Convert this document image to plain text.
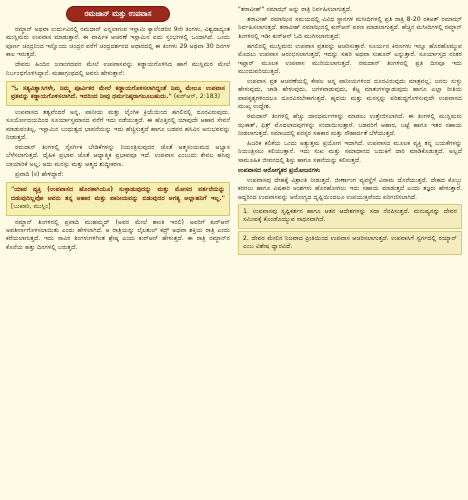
ರಮಜಾನ್ ಮತ್ತು ಉಪವಾಸ

ರಮ್ಜಾನ್ ಅಥವಾ ಉರ್ದುವಿನಲ್ಲಿ ರಮದಾನ್ ಎನ್ನಲಾಗುವ ಇಸ್ಲಾಮಿ ಕ್ಯಾಲೆಂಡರಿನ 9ನೇ ತಿಂಗಳು, ವಿಶ್ವದಾದ್ಯಂತ ಮುಸ್ಲಿಮರು ಉಪವಾಸ ಮಾಡುತ್ತಾರೆ. ಈ ವಾರ್ಷಿಕ ಆಚರಣೆ ಇಸ್ಲಾಮಿನ ಐದು ಸ್ತಂಭಗಳಲ್ಲಿ ಒಂದಾಗಿದೆ. ಒಂದು ಪೂರ್ಣ ಚಂದ್ರನಿಂದ ಇನ್ನೊಂದು ಚಂದ್ರನ ವರೆಗೆ ಚಂದ್ರದರ್ಶನದ ಆಧಾರದಲ್ಲಿ ಈ ತಿಂಗಳು 29 ಅಥವಾ 30 ದಿನಗಳ ಕಾಲ ಇರುತ್ತದೆ.

ದೇವರು ಹಿಂದಿನ ಜನಾಂಗದವರ ಮೇಲೆ ಉಪವಾಸವನ್ನು ಕಡ್ಡಾಯಗೊಳಿಸಿದ ಹಾಗೆ ಮುಸ್ಲಿಮರ ಮೇಲೆ ನಿರ್ಬಂಧಗೊಳಿಸಿದ್ದಾನೆ. ಮಹಾಗ್ರಂಥದಲ್ಲಿ ಅವನು ಹೇಳುತ್ತಾನೆ:

"ಓ ಸತ್ಯವಿಶ್ವಾಸಿಗಳೇ, ನಿಮ್ಮ ಪೂರ್ವಿಕರ ಮೇಲೆ ಕಡ್ಡಾಯಗೊಳಿಸಲಾಗಿದ್ದಂತೆ ನಿಮ್ಮ ಮೇಲೂ ಉಪವಾಸ ವ್ರತವನ್ನು ಕಡ್ಡಾಯಗೊಳಿಸಲಾಗಿದೆ. ಇದರಿಂದ ನೀವು ಧರ್ಮನಿಷ್ಠರಾಗಲೂಬಹುದು." (ಕುರ್‌ಆನ್, 2:183)

ಉಪವಾಸದ ತತ್ವವೆಂದರೆ ಅನ್ನ, ಪಾನೀಯ ಮತ್ತು ಲೈಂಗಿಕ ಕ್ರಿಯೆಯಿಂದ ಹಗಲಿನಲ್ಲಿ ದೂರವಿರುವುದು. ಸೂರ್ಯೋದಯದಿಂದ ಸೂರ್ಯಾಸ್ತಮಾನದ ವರೆಗೆ ಇದು ನಡೆಯುತ್ತದೆ. ಈ ಹೊತ್ತಿನಲ್ಲಿ ಯಾವುದೇ ಆಹಾರ ಸೇವನೆ ಮಾಡುವಂತಿಲ್ಲ. ಇಸ್ಲಾಮಿನ ಬಂಧುತ್ವದ ಭಾವನೆಯನ್ನು ಇದು ಹೆಚ್ಚಿಸುತ್ತದೆ ಹಾಗೂ ಬಡವರ ಹಸಿವಿನ ಅನುಭವವನ್ನು ನೀಡುತ್ತದೆ.

ರಮದಾನ್ ತಿಂಗಳಲ್ಲಿ ನೈಸರ್ಗಿಕ ಬೇಡಿಕೆಗಳನ್ನು ನಿಯಂತ್ರಿಸುವುದರ ಜೊತೆ ಆತ್ಮಸಂಯಮದ ಅಭ್ಯಾಸ ಬೆಳೆಸಲಾಗುತ್ತದೆ. ದೈಹಿಕ ಪ್ರಭಾವ ಜೊತೆ ಆಧ್ಯಾತ್ಮಿಕ ಪ್ರಭಾವವೂ ಇದೆ. ಉಪವಾಸ ಎಂಬುದು ಕೇವಲ ಹಸಿವು ಬಾಯಾರಿಕೆ ಅಲ್ಲ; ಅದು ಮನಸ್ಸು ಮತ್ತು ಆತ್ಮದ ಶುದ್ಧೀಕರಣ.

ಪ್ರವಾದಿ (ಸ) ಹೇಳಿದ್ದಾರೆ:

"ಯಾವ ವ್ಯಕ್ತಿ (ಉಪವಾಸದ ಹೊರತಾಗಿಯೂ) ಸುಳ್ಳಾಡುವುದನ್ನು ಮತ್ತು ಮೋಸದ ವರ್ತನೆಯನ್ನು ಬಿಡುವುದಿಲ್ಲವೋ ಅವನು ತನ್ನ ಆಹಾರ ಮತ್ತು ಪಾನೀಯವನ್ನು ಬಿಡುವುದರ ಅಗತ್ಯ ಅಲ್ಲಾಹನಿಗೆ ಇಲ್ಲ." [ಬುಖಾರಿ, ಮುಸ್ಲಿಂ]

ರಮ್ಜಾನ್ ತಿಂಗಳಿನಲ್ಲಿ ಪ್ರವಾದಿ ಮುಹಮ್ಮದ್ (ಅವರ ಮೇಲೆ ಶಾಂತಿ ಇರಲಿ) ಅವರಿಗೆ ಕುರ್‌ಆನ್ ಅವತೀರ್ಣಗೊಳಿಸಲಾಯಿತು ಎಂದು ಹೇಳಲಾಗಿದೆ. ಆ ರಾತ್ರಿಯನ್ನು ಲೈಲತುಲ್ ಕದ್ರ್ ಅಥವಾ ಶಕ್ತಿಯ ರಾತ್ರಿ ಎಂದು ಕರೆಯಲಾಗುತ್ತದೆ. ಇದು ಸಾವಿರ ತಿಂಗಳುಗಳಿಗಿಂತ ಶ್ರೇಷ್ಠ ಎಂದು ಕುರ್‌ಆನ್ ಹೇಳುತ್ತದೆ. ಈ ರಾತ್ರಿ ರಮ್ಜಾನ್‌ನ ಕೊನೆಯ ಹತ್ತು ದಿನಗಳಲ್ಲಿ ಬರುತ್ತದೆ.

"ತರಾವೀಹ್" ನಮಾಝ್ ಅನ್ನು ರಾತ್ರಿ ನಿರ್ವಹಿಸಲಾಗುತ್ತದೆ.

ತರಾವೀಹ್ ನಮಾಝಿನ ಸಮಯದಲ್ಲಿ ವಿವಿಧ ಸ್ಥಾನಗಳ ಮಸೀದಿಗಳಲ್ಲಿ ಪ್ರತಿ ರಾತ್ರಿ 8-20 ರಕಅತ್ ನಮಾಝ್ ನಿರ್ವಹಿಸಲಾಗುತ್ತದೆ. ತರಾವೀಹ್ ನಮಾಝಿನಲ್ಲಿ ಕುರ್‌ಆನ್ ಪಠಣ ಮಾಡಲಾಗುತ್ತದೆ. ಹೆಚ್ಚಿನ ಮಸೀದಿಗಳಲ್ಲಿ ರಮ್ಜಾನ್ ತಿಂಗಳಿನಲ್ಲಿ ಇಡೀ ಕುರ್‌ಆನ್ ಓದಿ ಮುಗಿಸಲಾಗುತ್ತದೆ.

ಹಗಲಿನಲ್ಲಿ ಮುಸ್ಲಿಮರು ಉಪವಾಸ ವ್ರತವನ್ನು ಆಚರಿಸುತ್ತಾರೆ. ಸೂರ್ಯನ ಕಿರಣಗಳು ಇನ್ನೂ ಹೊರಹೊಮ್ಮುವ ಮೊದಲು ಉಪವಾಸ ಆರಂಭಿಸಲಾಗುತ್ತದೆ; ಇದನ್ನು ಸಹರಿ ಅಥವಾ ಸುಹೂರ್ ಎನ್ನುತ್ತಾರೆ. ಸೂರ್ಯಾಸ್ತದ ನಂತರ ಇಫ್ತಾರ್ ಮೂಲಕ ಉಪವಾಸ ಮುರಿಯಲಾಗುತ್ತದೆ. ರಮದಾನ್ ತಿಂಗಳಿನಲ್ಲಿ ಪ್ರತಿ ದಿನವೂ ಇದು ಮುಂದುವರಿಯುತ್ತದೆ.

ಉಪವಾಸ ವ್ರತ ಆಚರಣೆಯಲ್ಲಿ ಕೇವಲ ಅನ್ನ ಪಾನೀಯಗಳಿಂದ ದೂರವಿರುವುದು ಮಾತ್ರವಲ್ಲ; ಜನರು ಸುಳ್ಳು ಹೇಳುವುದು, ಚಾಡಿ ಹೇಳುವುದು, ಜಗಳವಾಡುವುದು, ಕೆಟ್ಟ ಮಾತುಗಳನ್ನಾಡುವುದು ಹಾಗೂ ಎಲ್ಲಾ ರೀತಿಯ ಪಾಪಕೃತ್ಯಗಳಿಂದಲೂ ದೂರವಿರಬೇಕಾಗುತ್ತದೆ. ಹೃದಯ ಮತ್ತು ಮನಸ್ಸನ್ನು ಪರಿಶುದ್ಧಗೊಳಿಸುವುದೇ ಉಪವಾಸದ ಮುಖ್ಯ ಉದ್ದೇಶ.

ರಮದಾನ್ ತಿಂಗಳಲ್ಲಿ ಹೆಚ್ಚು ದಾನಧರ್ಮಗಳನ್ನು ಮಾಡಲು ಉತ್ತೇಜಿಸಲಾಗಿದೆ. ಈ ತಿಂಗಳಲ್ಲಿ ಮುಸ್ಲಿಮರು ಝಕಾತ್, ಫಿತ್ರ್ ಮೊದಲಾದವುಗಳನ್ನು ಸಂದಾಯಿಸುತ್ತಾರೆ. ಬಡವರಿಗೆ ಆಹಾರ, ಬಟ್ಟೆ ಹಾಗೂ ಇತರ ಸಹಾಯ ನೀಡಲಾಗುತ್ತದೆ. ಸಮಾಜದಲ್ಲಿ ಪರಸ್ಪರ ಸಹಕಾರ ಮತ್ತು ಸೌಹಾರ್ದತೆ ಬೆಳೆಯುತ್ತದೆ.

ಹಿಜರಿಕ ಕಲಿಕೆಯ ಒಂದು ಅತ್ಯುತ್ತಮ ಪ್ರಯೋಗ ಇದಾಗಿದೆ. ಉಪವಾಸದ ಮೂಲಕ ವ್ಯಕ್ತಿ ತನ್ನ ಬಯಕೆಗಳನ್ನು ನಿಯಂತ್ರಿಸಲು ಕಲಿಯುತ್ತಾನೆ. ಇದು ಸುಖ ಮತ್ತು ಸಮಾಧಾನದ ಬದುಕಿಗೆ ದಾರಿ ಮಾಡಿಕೊಡುತ್ತದೆ. ಅಲ್ಲದೆ ಸಾಮೂಹಿಕ ಜೀವನದಲ್ಲಿ ಶಿಸ್ತು ಹಾಗೂ ಸಹನೆಯನ್ನು ಕಲಿಸುತ್ತದೆ.

ಉಪವಾಸದ ಆರೋಗ್ಯಕರ ಪ್ರಯೋಜನಗಳು

ಉಪವಾಸವು ದೇಹಕ್ಕೆ ವಿಶ್ರಾಂತಿ ನೀಡುತ್ತದೆ. ಜೀರ್ಣಾಂಗ ವ್ಯವಸ್ಥೆಗೆ ವಿರಾಮ ದೊರೆಯುತ್ತದೆ. ದೇಹದ ಕೊಬ್ಬು ಕರಗಲು ಹಾಗೂ ವಿಷಕಾರಿ ಅಂಶಗಳು ಹೊರಹೋಗಲು ಇದು ಸಹಾಯ ಮಾಡುತ್ತದೆ ಎಂದು ತಜ್ಞರು ಹೇಳುತ್ತಾರೆ. ಆದ್ದರಿಂದ ಉಪವಾಸವನ್ನು ಆರೋಗ್ಯದ ದೃಷ್ಟಿಯಿಂದಲೂ ಉಪಯುಕ್ತವೆಂದು ಪರಿಗಣಿಸಲಾಗಿದೆ.

1. ಉಪವಾಸವು ಸೃಷ್ಟಿಕರ್ತನ ಹಾಗೂ ಆತನ ಆದೇಶಗಳನ್ನು ಸದಾ ನೆನಪಿಸುತ್ತದೆ. ಮನುಷ್ಯನನ್ನು ದೇವರ ಸಮೀಪಕ್ಕೆ ಕೊಂಡೊಯ್ಯುವ ಸಾಧನವಾಗಿದೆ.
2. ದೇವರ ಮೇಲಿನ ನಿಜವಾದ ಪ್ರೀತಿಯಿಂದ ಉಪವಾಸ ಆಚರಿಸಲಾಗುತ್ತದೆ. ಉಪವಾಸಿಗೆ ಸ್ವರ್ಗದಲ್ಲಿ ರಯ್ಯಾನ್ ಎಂಬ ವಿಶೇಷ ದ್ವಾರವಿದೆ.
